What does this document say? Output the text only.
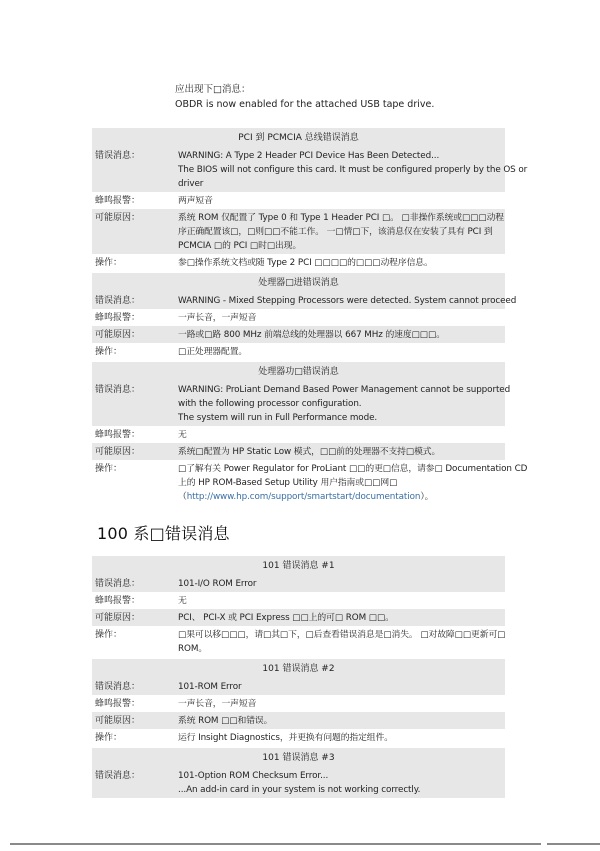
应出现下□消息：
OBDR is now enabled for the attached USB tape drive.
PCI 到 PCMCIA 总线错误消息
错误消息：	WARNING: A Type 2 Header PCI Device Has Been Detected...
The BIOS will not configure this card. It must be configured properly by the OS or
driver
蜂鸣报警：	两声短音
可能原因：	系统 ROM 仅配置了 Type 0 和 Type 1 Header PCI □。 □非操作系统或□□□动程
序正确配置该□，□则□□不能工作。 一□情□下，该消息仅在安装了具有 PCI 到
PCMCIA □的 PCI □时□出现。
操作：	参□操作系统文档或随 Type 2 PCI □□□□的□□□动程序信息。
处理器□进错误消息
错误消息：	WARNING - Mixed Stepping Processors were detected. System cannot proceed
蜂鸣报警：	一声长音，一声短音
可能原因：	一路或□路 800 MHz 前端总线的处理器以 667 MHz 的速度□□□。
操作：	□正处理器配置。
处理器功□错误消息
错误消息：	WARNING: ProLiant Demand Based Power Management cannot be supported
with the following processor configuration.
The system will run in Full Performance mode.
蜂鸣报警：	无
可能原因：	系统□配置为 HP Static Low 模式，□□前的处理器不支持□模式。
操作：	□了解有关 Power Regulator for ProLiant □□的更□信息，请参□ Documentation CD
上的 HP ROM-Based Setup Utility 用户指南或□□网□
（http://www.hp.com/support/smartstart/documentation）。
100 系□错误消息
101 错误消息 #1
错误消息：	101-I/O ROM Error
蜂鸣报警：	无
可能原因：	PCI、 PCI-X 或 PCI Express □□上的可□ ROM □□。
操作：	□果可以移□□□，请□其□下，□后查看错误消息是□消失。 □对故障□□更新可□
ROM。
101 错误消息 #2
错误消息：	101-ROM Error
蜂鸣报警：	一声长音，一声短音
可能原因：	系统 ROM □□和错误。
操作：	运行 Insight Diagnostics，并更换有问题的指定组件。
101 错误消息 #3
错误消息：	101-Option ROM Checksum Error...
...An add-in card in your system is not working correctly.
